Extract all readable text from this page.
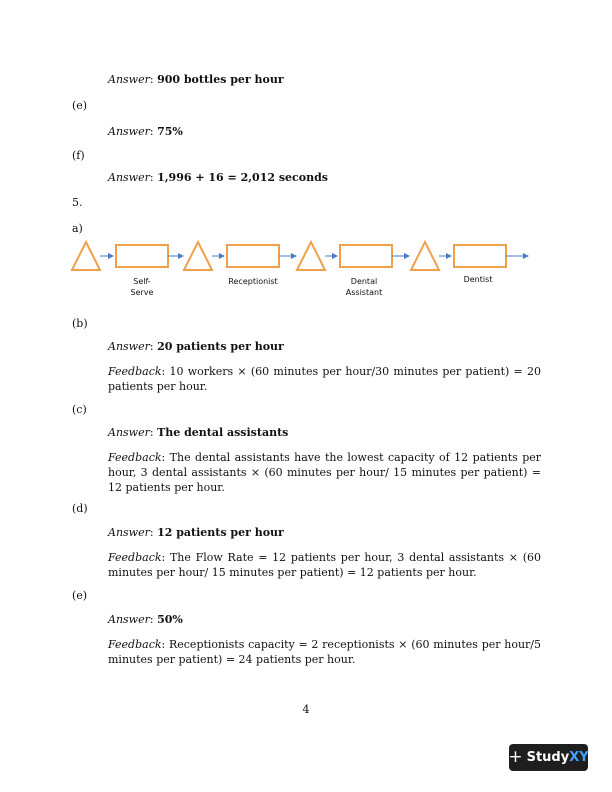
Answer: 900 bottles per hour
(e)
Answer: 75%
(f)
Answer: 1,996 + 16 = 2,012 seconds
5.
a)
Self-
Serve
Receptionist	Dental
Assistant
Dentist
(b)
Answer: 20 patients per hour
Feedback: 10 workers × (60 minutes per hour/30 minutes per patient) = 20 patients per hour.
(c)
Answer: The dental assistants
Feedback: The dental assistants have the lowest capacity of 12 patients per hour, 3 dental assistants × (60 minutes per hour/ 15 minutes per patient) = 12 patients per hour.
(d)
Answer: 12 patients per hour
Feedback: The Flow Rate = 12 patients per hour, 3 dental assistants × (60 minutes per hour/ 15 minutes per patient) = 12 patients per hour.
(e)
Answer: 50%
Feedback: Receptionists capacity = 2 receptionists × (60 minutes per hour/5 minutes per patient) = 24 patients per hour.
4
+ StudyXY
